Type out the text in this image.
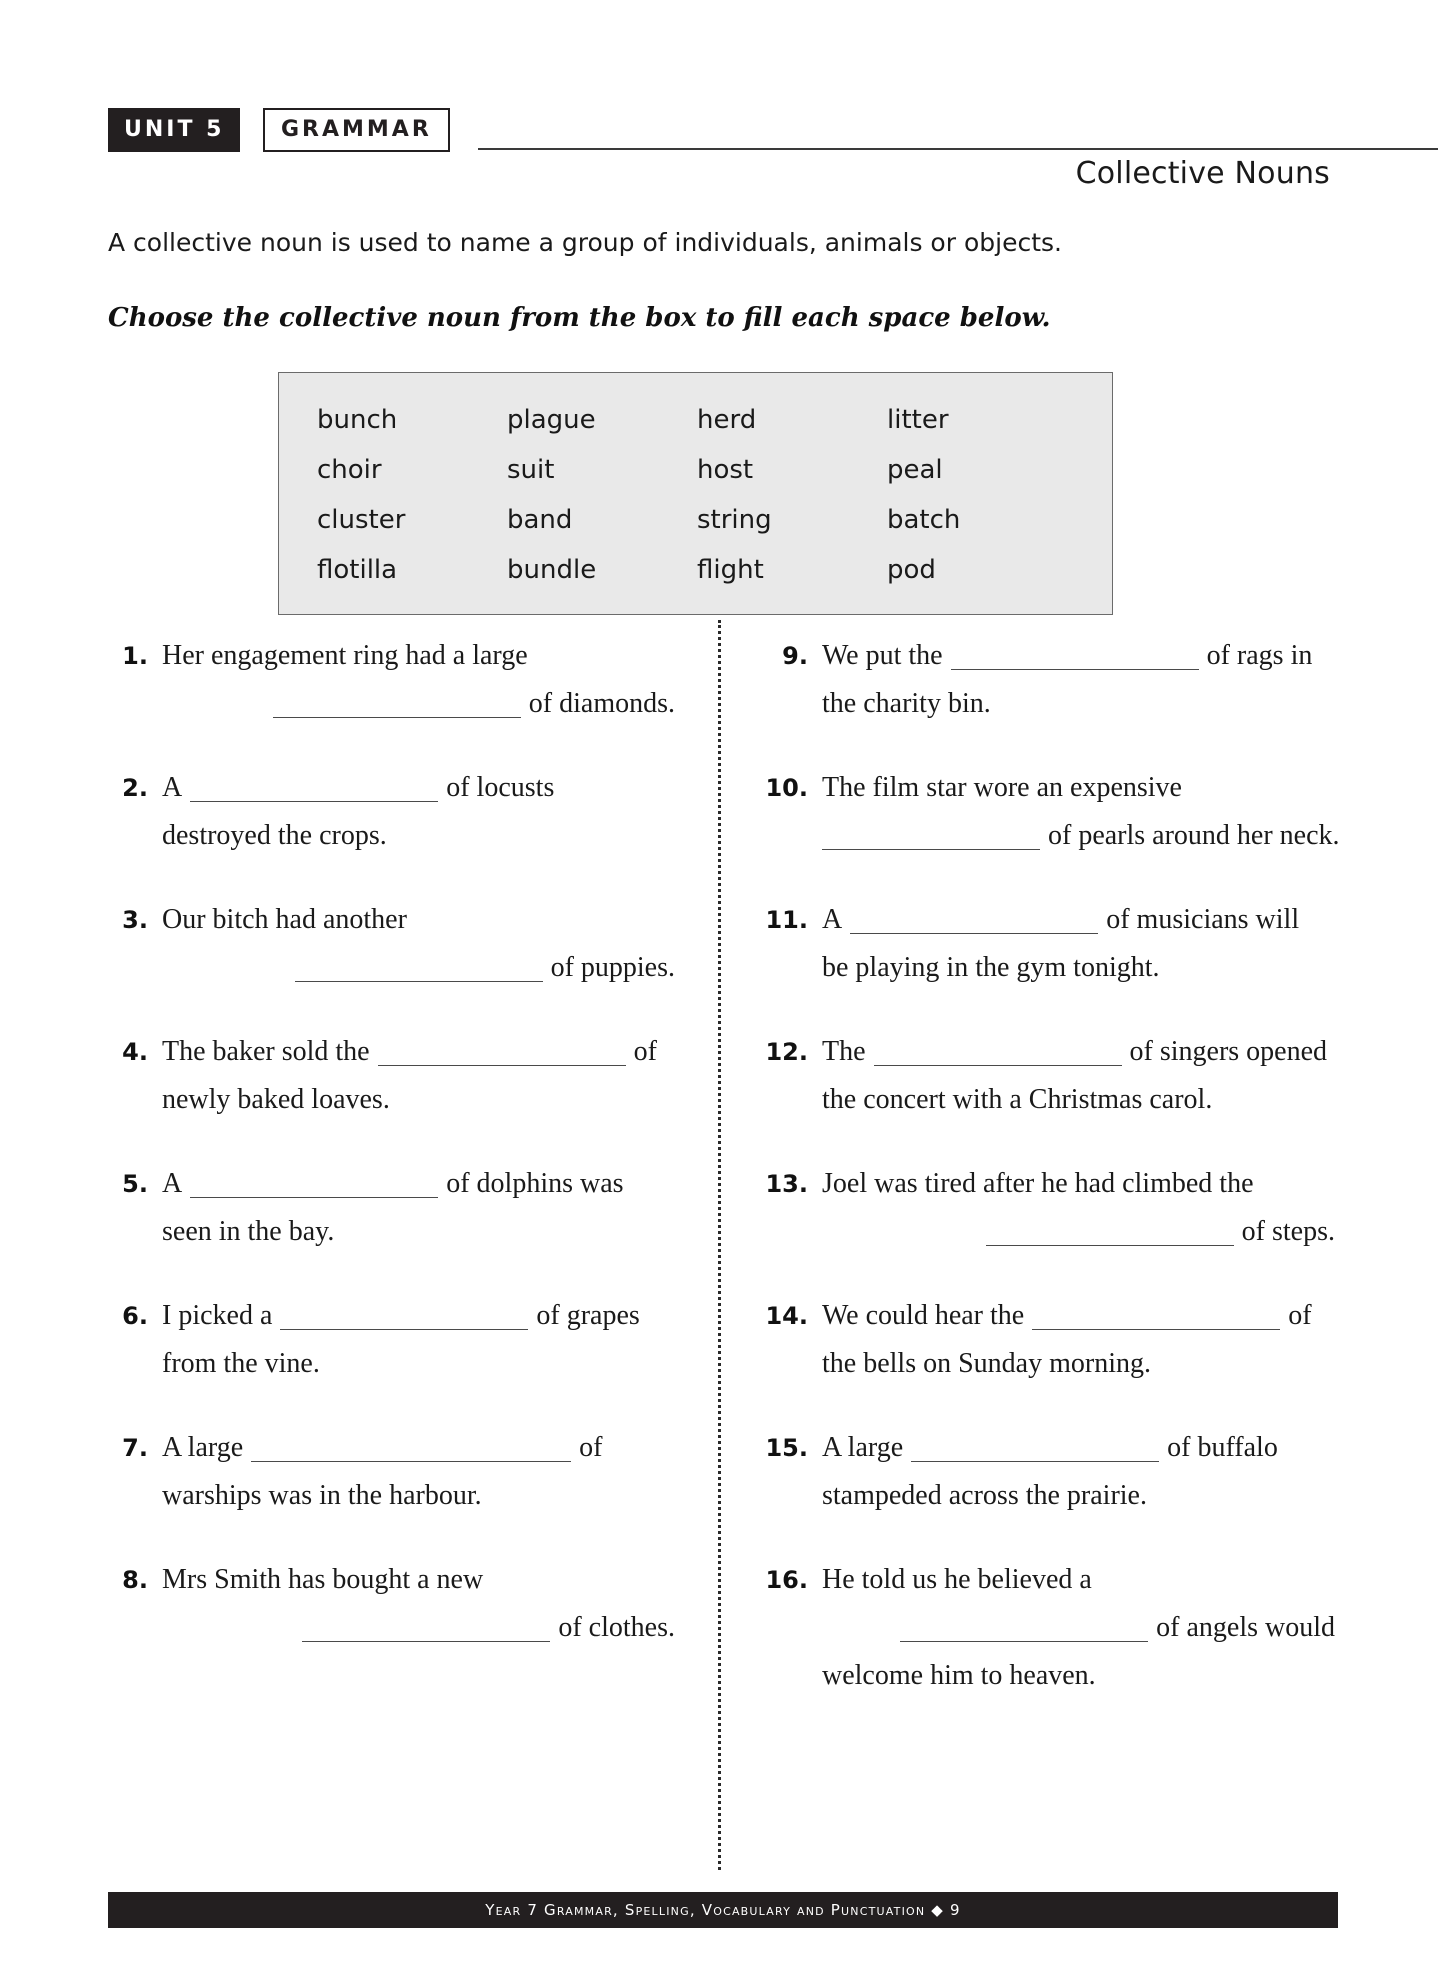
UNIT 5	GRAMMAR
Collective Nouns
A collective noun is used to name a group of individuals, animals or objects.
Choose the collective noun from the box to fill each space below.
bunch	plague	herd	litter
choir	suit	host	peal
cluster	band	string	batch
flotilla	bundle	flight	pod
1. Her engagement ring had a large
of diamonds.
2. A	of locusts
destroyed the crops.
3. Our bitch had another
of puppies.
4. The baker sold the	of
newly baked loaves.
5. A	of dolphins was
seen in the bay.
6. I picked a	of grapes
from the vine.
7. A large	of
warships was in the harbour.
8. Mrs Smith has bought a new
of clothes.
9. We put the	of rags in
the charity bin.
10. The film star wore an expensive
of pearls around her neck.
11. A	of musicians will
be playing in the gym tonight.
12. The	of singers opened
the concert with a Christmas carol.
13. Joel was tired after he had climbed the
of steps.
14. We could hear the	of
the bells on Sunday morning.
15. A large	of buffalo
stampeded across the prairie.
16. He told us he believed a
of angels would
welcome him to heaven.
Year 7 Grammar, Spelling, Vocabulary and Punctuation ◆ 9
